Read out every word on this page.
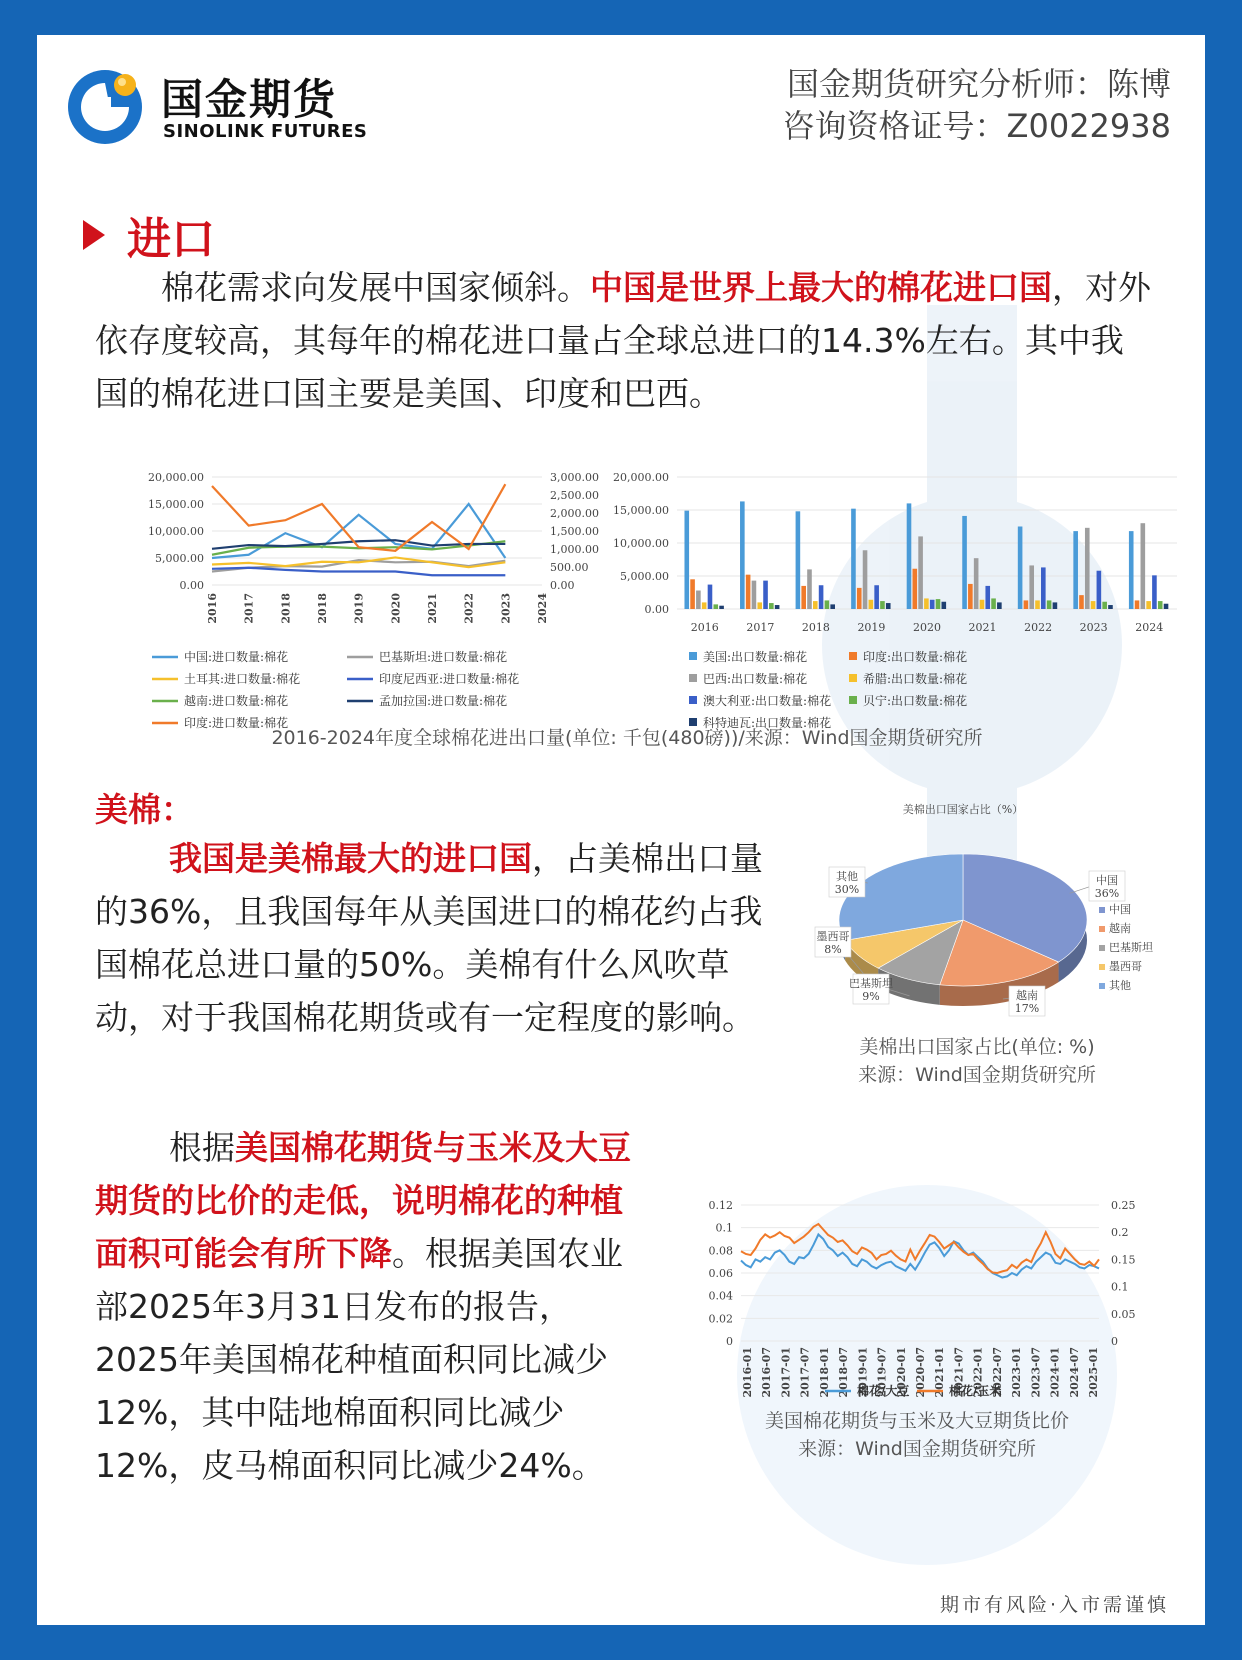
国金期货
SINOLINK FUTURES
国金期货研究分析师：陈博
咨询资格证号：Z0022938
进口
棉花需求向发展中国家倾斜。中国是世界上最大的棉花进口国，对外依存度较高，其每年的棉花进口量占全球总进口的14.3%左右。其中我国的棉花进口国主要是美国、印度和巴西。
20,000.00
15,000.00
10,000.00
5,000.00
0.00
3,000.00
2,500.00
2,000.00
1,500.00
1,000.00
500.00
0.00
2016 2017 2018 2018 2019 2020 2021 2022 2023 2024
中国:进口数量:棉花	巴基斯坦:进口数量:棉花
土耳其:进口数量:棉花	印度尼西亚:进口数量:棉花
越南:进口数量:棉花	孟加拉国:进口数量:棉花
印度:进口数量:棉花
20,000.00
15,000.00
10,000.00
5,000.00
0.00
2016	2017	2018	2019	2020	2021	2022	2023	2024
美国:出口数量:棉花	印度:出口数量:棉花
巴西:出口数量:棉花	希腊:出口数量:棉花
澳大利亚:出口数量:棉花	贝宁:出口数量:棉花
科特迪瓦:出口数量:棉花
2016-2024年度全球棉花进出口量(单位: 千包(480磅))/来源：Wind国金期货研究所
美棉：
我国是美棉最大的进口国，占美棉出口量的36%，且我国每年从美国进口的棉花约占我国棉花总进口量的50%。美棉有什么风吹草动，对于我国棉花期货或有一定程度的影响。
美棉出口国家占比（%）
中国
36%
越南
17%
巴基斯坦
9%
墨西哥
8%
其他
30%
中国
越南
巴基斯坦
墨西哥
其他
美棉出口国家占比(单位: %)
来源：Wind国金期货研究所
根据美国棉花期货与玉米及大豆期货的比价的走低，说明棉花的种植面积可能会有所下降。根据美国农业部2025年3月31日发布的报告，2025年美国棉花种植面积同比减少12%，其中陆地棉面积同比减少12%，皮马棉面积同比减少24%。
0.12
0.1
0.08
0.06
0.04
0.02
0
0.25
0.2
0.15
0.1
0.05
0
2016-01 2016-07 2017-01 2017-07 2018-01 2018-07 2019-01 2019-07 2020-01 2020-07 2021-01 2021-07 2022-01 2022-07 2023-01 2023-07 2024-01 2024-07 2025-01
棉花/大豆	棉花/玉米
美国棉花期货与玉米及大豆期货比价
来源：Wind国金期货研究所
期市有风险·入市需谨慎
